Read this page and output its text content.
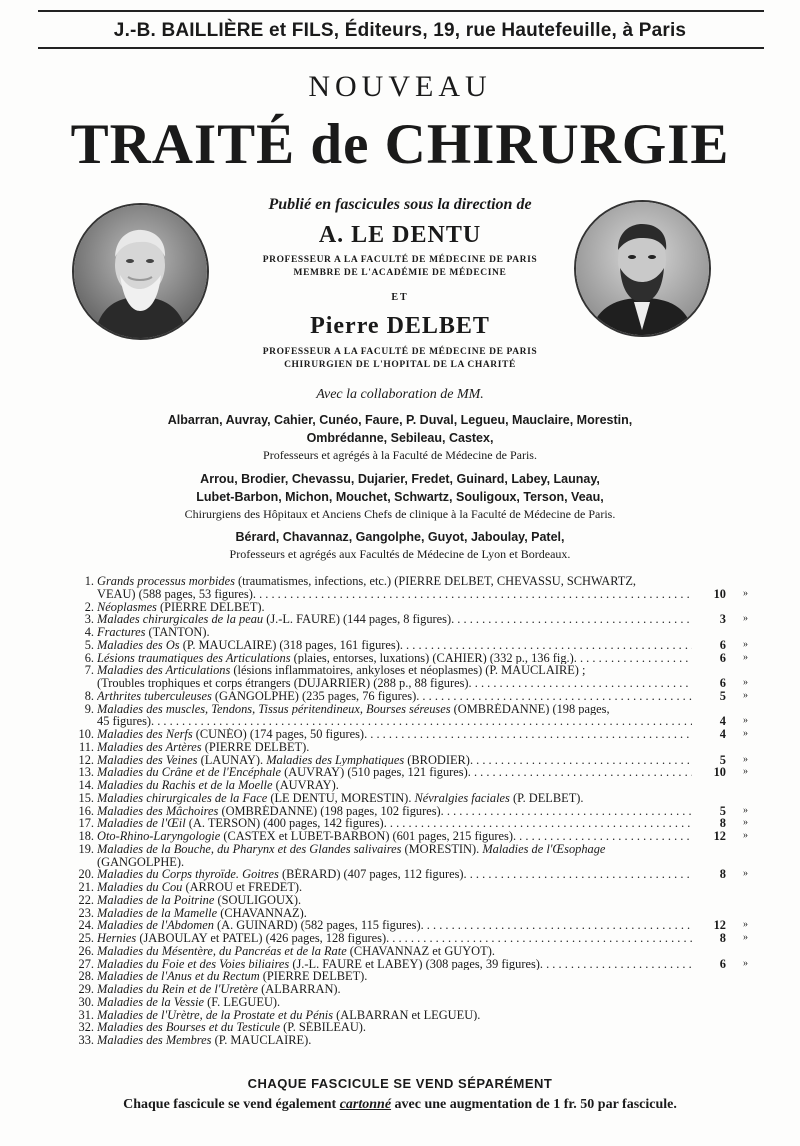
J.-B. BAILLIÈRE et FILS, Éditeurs, 19, rue Hautefeuille, à Paris
NOUVEAU
TRAITÉ de CHIRURGIE
Publié en fascicules sous la direction de
A. LE DENTU
PROFESSEUR A LA FACULTÉ DE MÉDECINE DE PARIS
MEMBRE DE L'ACADÉMIE DE MÉDECINE
ET
Pierre DELBET
PROFESSEUR A LA FACULTÉ DE MÉDECINE DE PARIS
CHIRURGIEN DE L'HOPITAL DE LA CHARITÉ
Avec la collaboration de MM.
Albarran, Auvray, Cahier, Cunéo, Faure, P. Duval, Legueu, Mauclaire, Morestin,
Ombrédanne, Sebileau, Castex,
Professeurs et agrégés à la Faculté de Médecine de Paris.
Arrou, Brodier, Chevassu, Dujarier, Fredet, Guinard, Labey, Launay,
Lubet-Barbon, Michon, Mouchet, Schwartz, Souligoux, Terson, Veau,
Chirurgiens des Hôpitaux et Anciens Chefs de clinique à la Faculté de Médecine de Paris.
Bérard, Chavannaz, Gangolphe, Guyot, Jaboulay, Patel,
Professeurs et agrégés aux Facultés de Médecine de Lyon et Bordeaux.
1. Grands processus morbides (traumatismes, infections, etc.) (PIERRE DELBET, CHEVASSU, SCHWARTZ,
VEAU) (588 pages, 53 figures) . . .	10	»
2. Néoplasmes (PIERRE DELBET).
3. Malades chirurgicales de la peau (J.-L. FAURE) (144 pages, 8 figures) . . .	3	»
4. Fractures (TANTON).
5. Maladies des Os (P. MAUCLAIRE) (318 pages, 161 figures) . . .	6	»
6. Lésions traumatiques des Articulations (plaies, entorses, luxations) (CAHIER) (332 p., 136 fig.) . . .	6	»
7. Maladies des Articulations (lésions inflammatoires, ankyloses et néoplasmes) (P. MAUCLAIRE) ;
(Troubles trophiques et corps étrangers (DUJARRIER) (288 p., 88 figures) . . .	6	»
8. Arthrites tuberculeuses (GANGOLPHE) (235 pages, 76 figures) . . .	5	»
9. Maladies des muscles, Tendons, Tissus péritendineux, Bourses séreuses (OMBRÉDANNE) (198 pages,
45 figures) . . .	4	»
10. Maladies des Nerfs (CUNÉO) (174 pages, 50 figures) . . .	4	»
11. Maladies des Artères (PIERRE DELBET).
12. Maladies des Veines (LAUNAY). Maladies des Lymphatiques (BRODIER) . . .	5	»
13. Maladies du Crâne et de l'Encéphale (AUVRAY) (510 pages, 121 figures) . . .	10	»
14. Maladies du Rachis et de la Moelle (AUVRAY).
15. Maladies chirurgicales de la Face (LE DENTU, MORESTIN). Névralgies faciales (P. DELBET).
16. Maladies des Mâchoires (OMBRÉDANNE) (198 pages, 102 figures) . . .	5	»
17. Maladies de l'Œil (A. TERSON) (400 pages, 142 figures) . . .	8	»
18. Oto-Rhino-Laryngologie (CASTEX et LUBET-BARBON) (601 pages, 215 figures) . . .	12	»
19. Maladies de la Bouche, du Pharynx et des Glandes salivaires (MORESTIN). Maladies de l'Œsophage
(GANGOLPHE).
20. Maladies du Corps thyroïde. Goitres (BÉRARD) (407 pages, 112 figures) . . .	8	»
21. Maladies du Cou (ARROU et FREDET).
22. Maladies de la Poitrine (SOULIGOUX).
23. Maladies de la Mamelle (CHAVANNAZ).
24. Maladies de l'Abdomen (A. GUINARD) (582 pages, 115 figures) . . .	12	»
25. Hernies (JABOULAY et PATEL) (426 pages, 128 figures) . . .	8	»
26. Maladies du Mésentère, du Pancréas et de la Rate (CHAVANNAZ et GUYOT).
27. Maladies du Foie et des Voies biliaires (J.-L. FAURE et LABEY) (308 pages, 39 figures) . . .	6	»
28. Maladies de l'Anus et du Rectum (PIERRE DELBET).
29. Maladies du Rein et de l'Uretère (ALBARRAN).
30. Maladies de la Vessie (F. LEGUEU).
31. Maladies de l'Urètre, de la Prostate et du Pénis (ALBARRAN et LEGUEU).
32. Maladies des Bourses et du Testicule (P. SÉBILEAU).
33. Maladies des Membres (P. MAUCLAIRE).
CHAQUE FASCICULE SE VEND SÉPARÉMENT
Chaque fascicule se vend également cartonné avec une augmentation de 1 fr. 50 par fascicule.
